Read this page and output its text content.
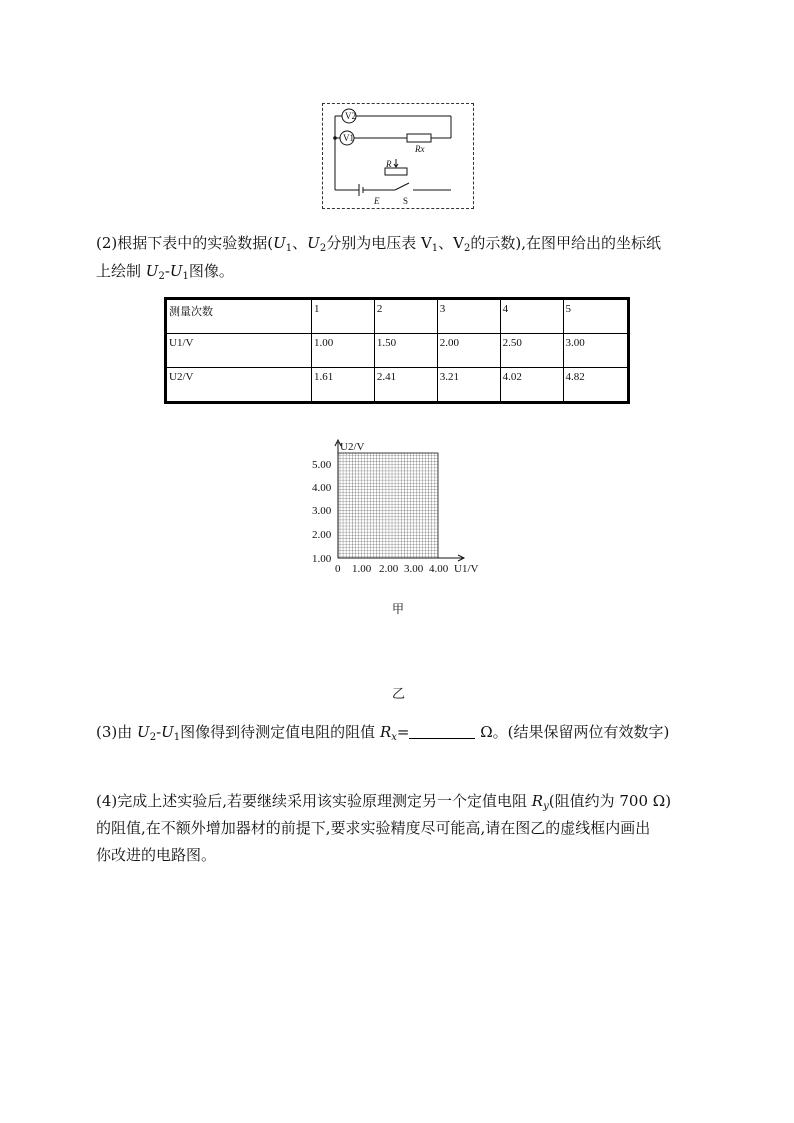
V2
V1
Rx
R
E	S
(2)根据下表中的实验数据($U_1$、$U_2$分别为电压表 $V_1$、$V_2$的示数),在图甲给出的坐标纸
上绘制 $U_2-U_1$图像。
测量次数	1	2	3	4	5
U1/V	1.00	1.50	2.00	2.50	3.00
U2/V	1.61	2.41	3.21	4.02	4.82
U2/V
U1/V
5.00
4.00
3.00
2.00
1.00
0 1.00 2.00 3.00 4.00
甲
乙
(3)由 $U_2-U_1$图像得到待测定值电阻的阻值 $R_x=$	Ω。(结果保留两位有效数字)
(4)完成上述实验后,若要继续采用该实验原理测定另一个定值电阻 $R_y$(阻值约为 700 Ω)
的阻值,在不额外增加器材的前提下,要求实验精度尽可能高,请在图乙的虚线框内画出
你改进的电路图。
